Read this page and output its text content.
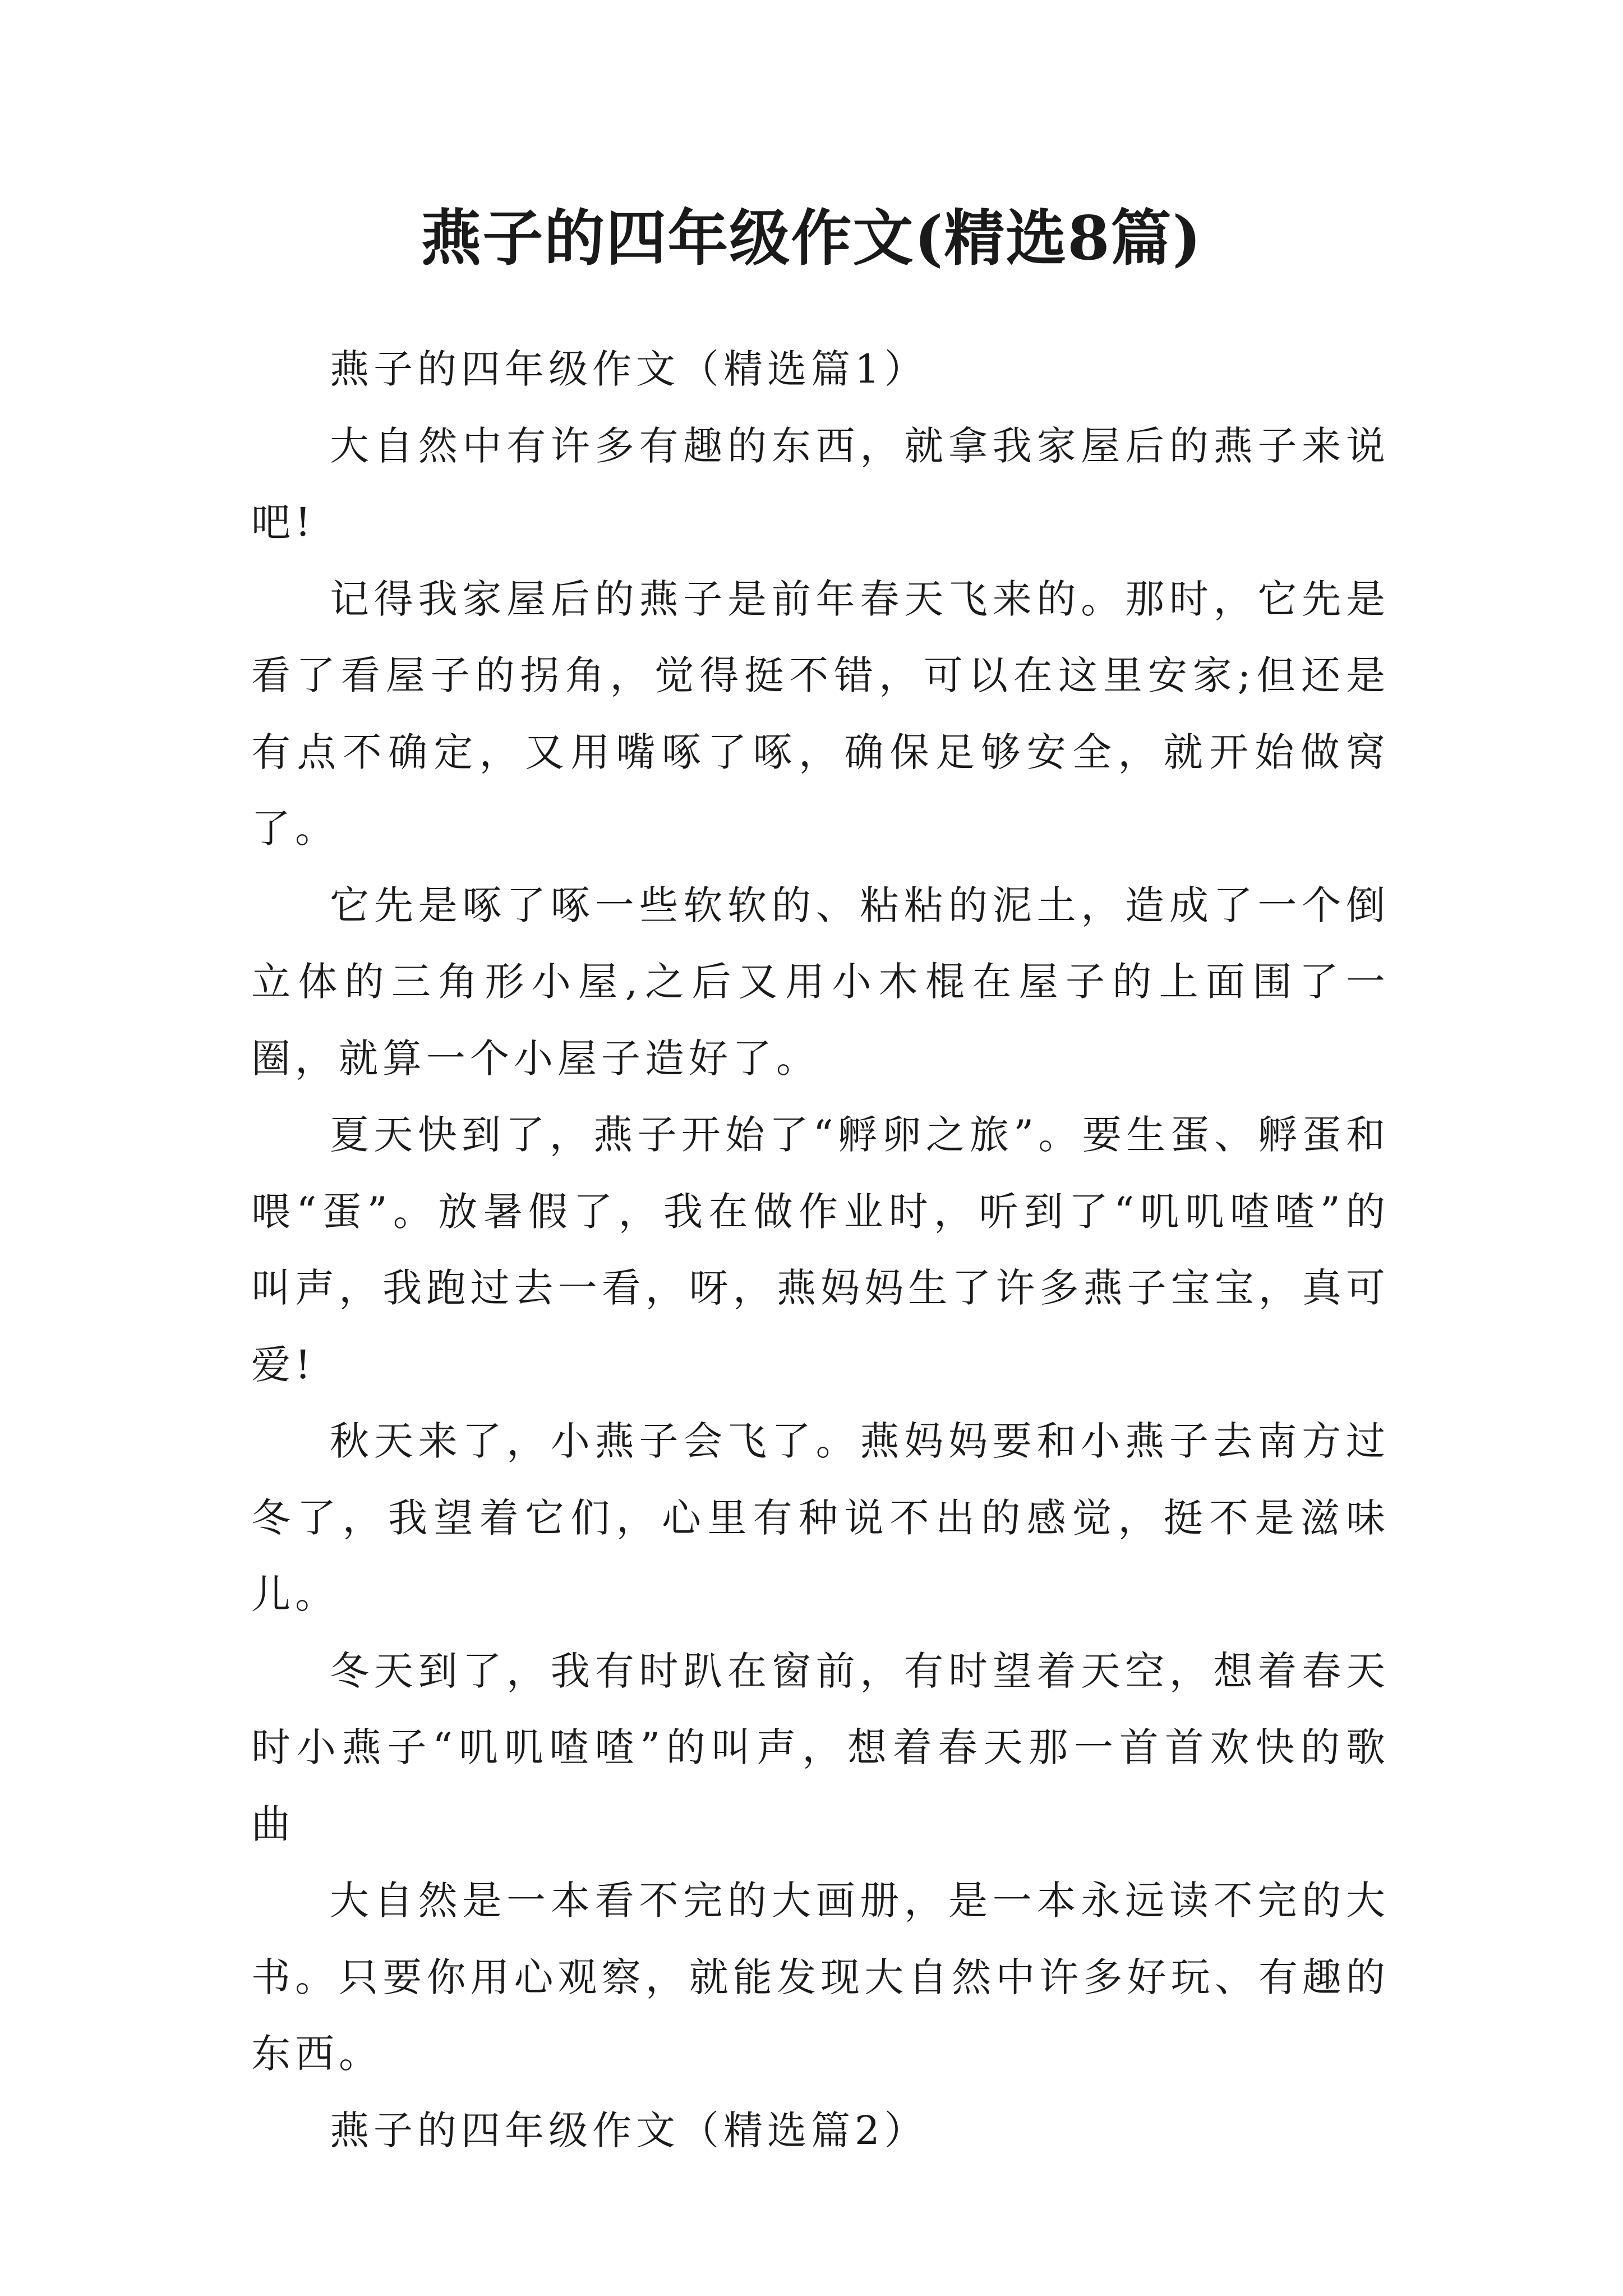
燕子的四年级作文(精选8篇)

燕子的四年级作文（精选篇1）

大自然中有许多有趣的东西，就拿我家屋后的燕子来说吧!

记得我家屋后的燕子是前年春天飞来的。那时，它先是看了看屋子的拐角，觉得挺不错，可以在这里安家;但还是有点不确定，又用嘴啄了啄，确保足够安全，就开始做窝了。

它先是啄了啄一些软软的、粘粘的泥土，造成了一个倒立体的三角形小屋,之后又用小木棍在屋子的上面围了一圈，就算一个小屋子造好了。

夏天快到了，燕子开始了“孵卵之旅”。要生蛋、孵蛋和喂“蛋”。放暑假了，我在做作业时，听到了“叽叽喳喳”的叫声，我跑过去一看，呀，燕妈妈生了许多燕子宝宝，真可爱!

秋天来了，小燕子会飞了。燕妈妈要和小燕子去南方过冬了，我望着它们，心里有种说不出的感觉，挺不是滋味儿。

冬天到了，我有时趴在窗前，有时望着天空，想着春天时小燕子“叽叽喳喳”的叫声，想着春天那一首首欢快的歌曲

大自然是一本看不完的大画册，是一本永远读不完的大书。只要你用心观察，就能发现大自然中许多好玩、有趣的东西。

燕子的四年级作文（精选篇2）
